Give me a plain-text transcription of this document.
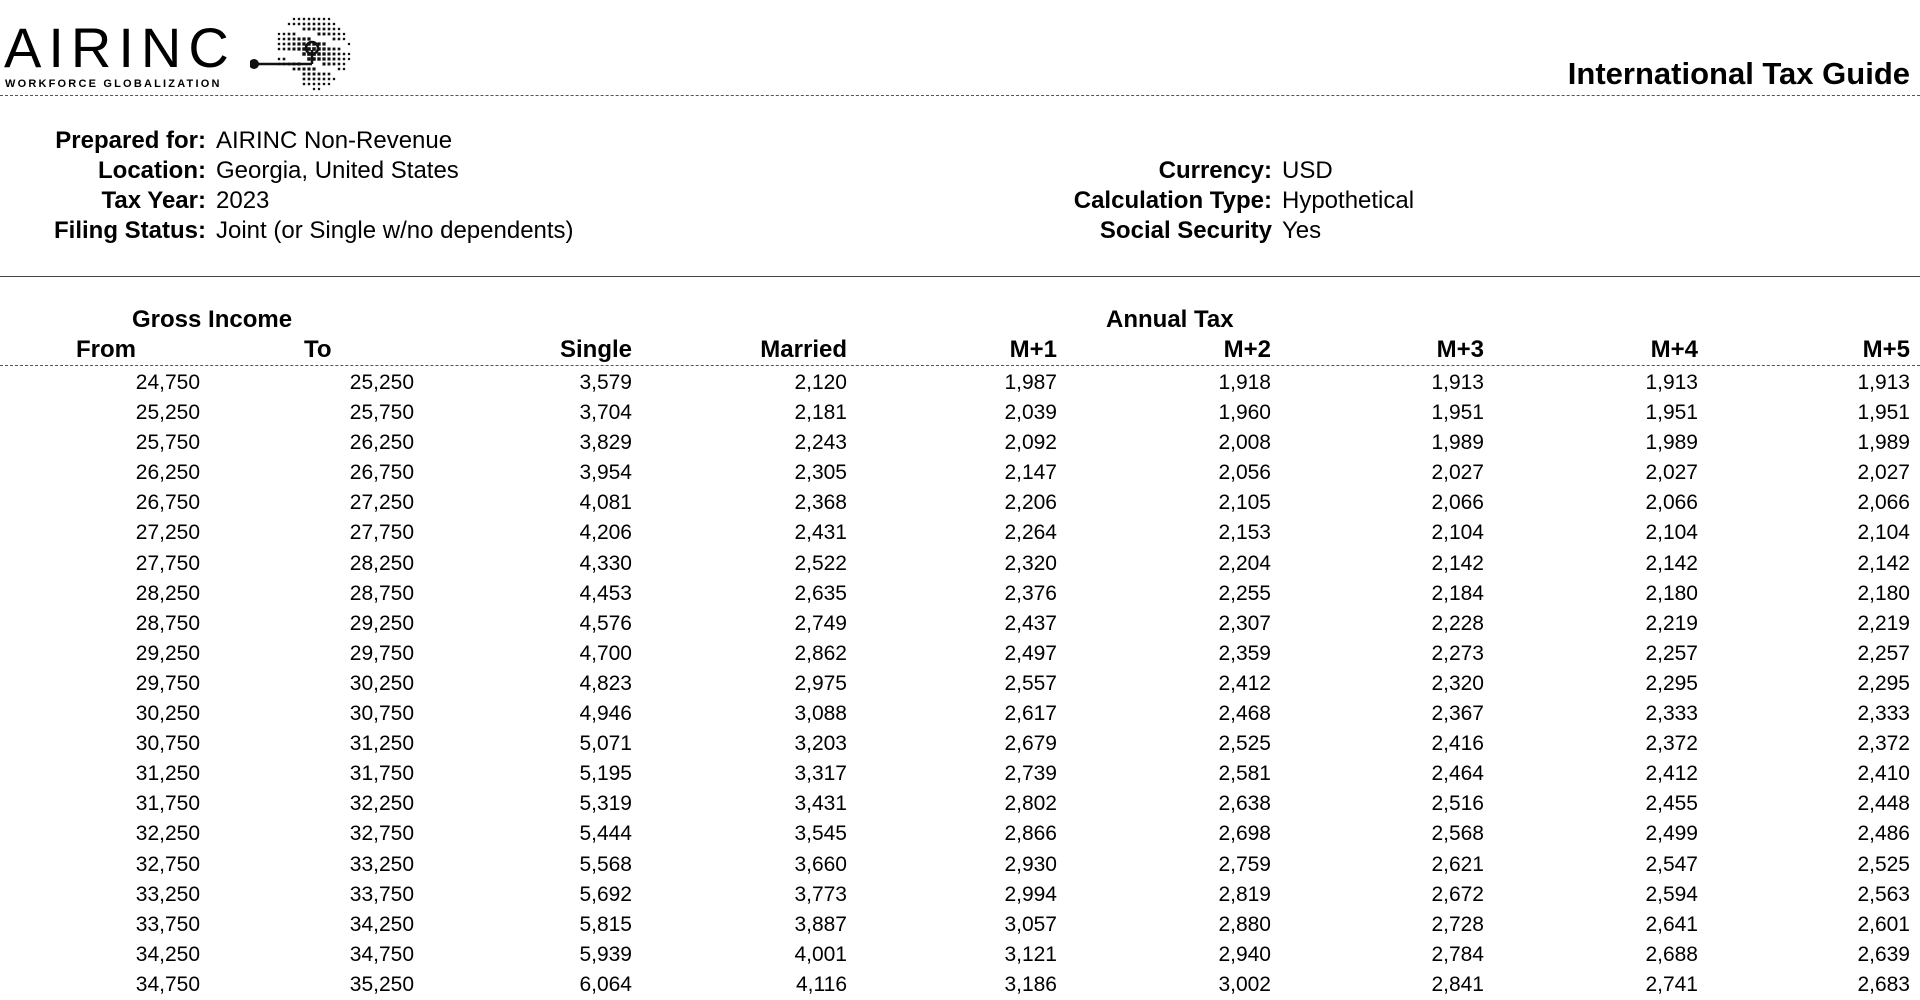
AIRINC
WORKFORCE GLOBALIZATION	International Tax Guide
Prepared for: AIRINC Non-Revenue
Location: Georgia, United States
Tax Year: 2023
Filing Status: Joint (or Single w/no dependents)
Currency: USD
Calculation Type: Hypothetical
Social Security Yes
Gross Income	Annual Tax
From	To	Single	Married	M+1	M+2	M+3	M+4	M+5
24,750	25,250	3,579	2,120	1,987	1,918	1,913	1,913	1,913
25,250	25,750	3,704	2,181	2,039	1,960	1,951	1,951	1,951
25,750	26,250	3,829	2,243	2,092	2,008	1,989	1,989	1,989
26,250	26,750	3,954	2,305	2,147	2,056	2,027	2,027	2,027
26,750	27,250	4,081	2,368	2,206	2,105	2,066	2,066	2,066
27,250	27,750	4,206	2,431	2,264	2,153	2,104	2,104	2,104
27,750	28,250	4,330	2,522	2,320	2,204	2,142	2,142	2,142
28,250	28,750	4,453	2,635	2,376	2,255	2,184	2,180	2,180
28,750	29,250	4,576	2,749	2,437	2,307	2,228	2,219	2,219
29,250	29,750	4,700	2,862	2,497	2,359	2,273	2,257	2,257
29,750	30,250	4,823	2,975	2,557	2,412	2,320	2,295	2,295
30,250	30,750	4,946	3,088	2,617	2,468	2,367	2,333	2,333
30,750	31,250	5,071	3,203	2,679	2,525	2,416	2,372	2,372
31,250	31,750	5,195	3,317	2,739	2,581	2,464	2,412	2,410
31,750	32,250	5,319	3,431	2,802	2,638	2,516	2,455	2,448
32,250	32,750	5,444	3,545	2,866	2,698	2,568	2,499	2,486
32,750	33,250	5,568	3,660	2,930	2,759	2,621	2,547	2,525
33,250	33,750	5,692	3,773	2,994	2,819	2,672	2,594	2,563
33,750	34,250	5,815	3,887	3,057	2,880	2,728	2,641	2,601
34,250	34,750	5,939	4,001	3,121	2,940	2,784	2,688	2,639
34,750	35,250	6,064	4,116	3,186	3,002	2,841	2,741	2,683
